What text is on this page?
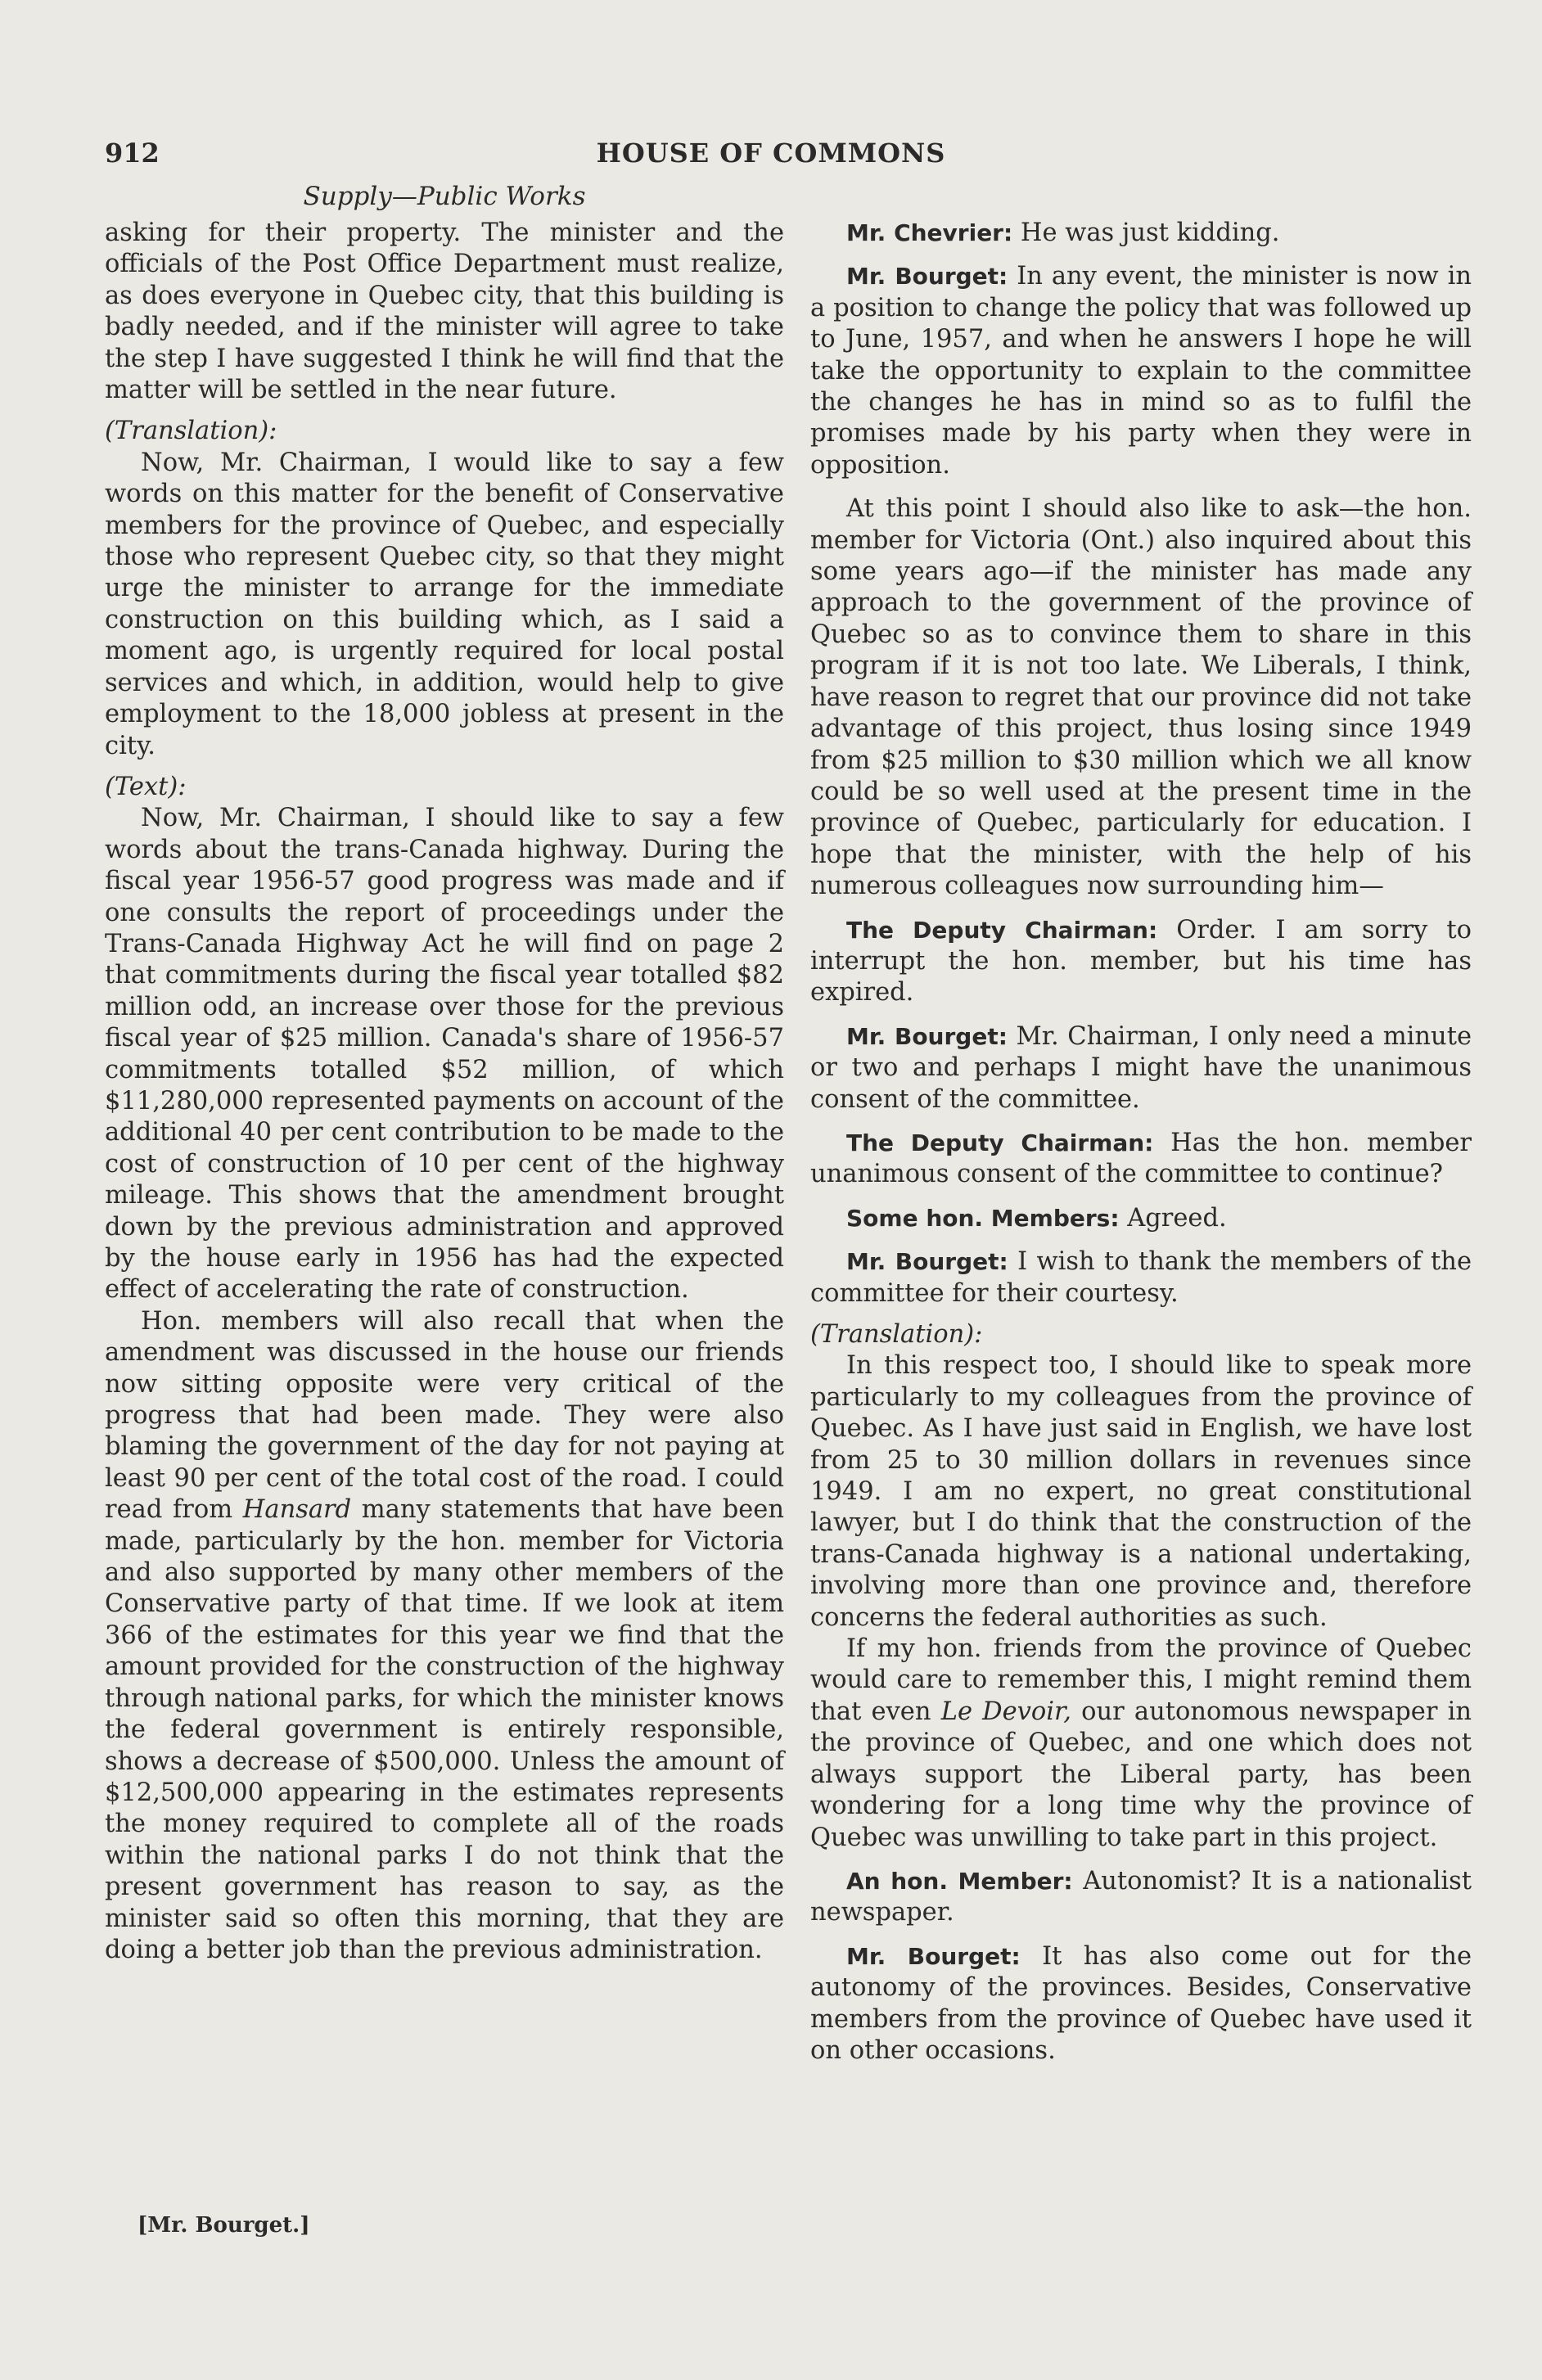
HOUSE OF COMMONS
912
Supply—Public Works

asking for their property. The minister and the officials of the Post Office Department must realize, as does everyone in Quebec city, that this building is badly needed, and if the minister will agree to take the step I have suggested I think he will find that the matter will be settled in the near future.

(Translation):

Now, Mr. Chairman, I would like to say a few words on this matter for the benefit of Conservative members for the province of Quebec, and especially those who represent Quebec city, so that they might urge the minister to arrange for the immediate construction on this building which, as I said a moment ago, is urgently required for local postal services and which, in addition, would help to give employment to the 18,000 jobless at present in the city.

(Text):

Now, Mr. Chairman, I should like to say a few words about the trans-Canada highway. During the fiscal year 1956-57 good progress was made and if one consults the report of proceedings under the Trans-Canada Highway Act he will find on page 2 that commitments during the fiscal year totalled $82 million odd, an increase over those for the previous fiscal year of $25 million. Canada's share of 1956-57 commitments totalled $52 million, of which $11,280,000 represented payments on account of the additional 40 per cent contribution to be made to the cost of construction of 10 per cent of the highway mileage. This shows that the amendment brought down by the previous administration and approved by the house early in 1956 has had the expected effect of accelerating the rate of construction.

Hon. members will also recall that when the amendment was discussed in the house our friends now sitting opposite were very critical of the progress that had been made. They were also blaming the government of the day for not paying at least 90 per cent of the total cost of the road. I could read from Hansard many statements that have been made, particularly by the hon. member for Victoria and also supported by many other members of the Conservative party of that time. If we look at item 366 of the estimates for this year we find that the amount provided for the construction of the highway through national parks, for which the minister knows the federal government is entirely responsible, shows a decrease of $500,000. Unless the amount of $12,500,000 appearing in the estimates represents the money required to complete all of the roads within the national parks I do not think that the present government has reason to say, as the minister said so often this morning, that they are doing a better job than the previous administration.

Mr. Chevrier: He was just kidding.

Mr. Bourget: In any event, the minister is now in a position to change the policy that was followed up to June, 1957, and when he answers I hope he will take the opportunity to explain to the committee the changes he has in mind so as to fulfil the promises made by his party when they were in opposition.

At this point I should also like to ask—the hon. member for Victoria (Ont.) also inquired about this some years ago—if the minister has made any approach to the government of the province of Quebec so as to convince them to share in this program if it is not too late. We Liberals, I think, have reason to regret that our province did not take advantage of this project, thus losing since 1949 from $25 million to $30 million which we all know could be so well used at the present time in the province of Quebec, particularly for education. I hope that the minister, with the help of his numerous colleagues now surrounding him—

The Deputy Chairman: Order. I am sorry to interrupt the hon. member, but his time has expired.

Mr. Bourget: Mr. Chairman, I only need a minute or two and perhaps I might have the unanimous consent of the committee.

The Deputy Chairman: Has the hon. member unanimous consent of the committee to continue?

Some hon. Members: Agreed.

Mr. Bourget: I wish to thank the members of the committee for their courtesy.

(Translation):

In this respect too, I should like to speak more particularly to my colleagues from the province of Quebec. As I have just said in English, we have lost from 25 to 30 million dollars in revenues since 1949. I am no expert, no great constitutional lawyer, but I do think that the construction of the trans-Canada highway is a national undertaking, involving more than one province and, therefore concerns the federal authorities as such.

If my hon. friends from the province of Quebec would care to remember this, I might remind them that even Le Devoir, our autonomous newspaper in the province of Quebec, and one which does not always support the Liberal party, has been wondering for a long time why the province of Quebec was unwilling to take part in this project.

An hon. Member: Autonomist? It is a nationalist newspaper.

Mr. Bourget: It has also come out for the autonomy of the provinces. Besides, Conservative members from the province of Quebec have used it on other occasions.

[Mr. Bourget.]
